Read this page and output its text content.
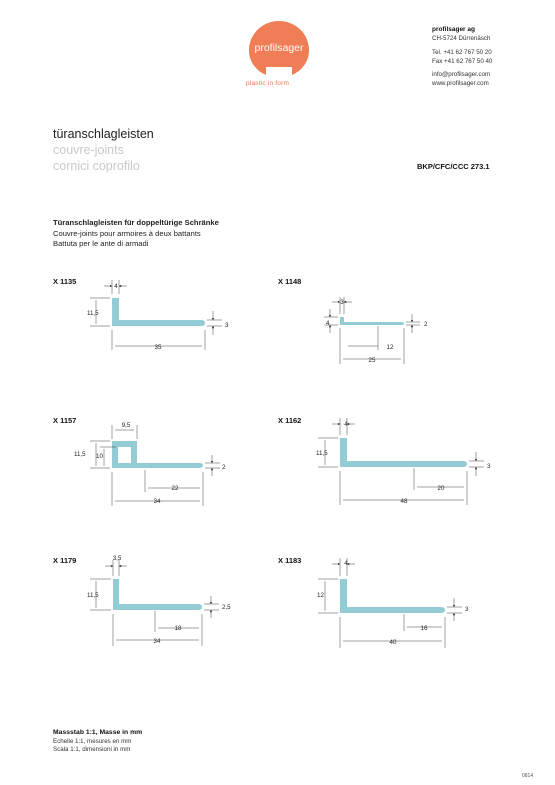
profilsager
plastic in form
profilsager ag
CH-5724 Dürrenäsch
Tel. +41 62 767 50 20
Fax +41 62 767 50 40
info@profilsager.com
www.profilsager.com
türanschlagleisten
couvre-joints
cornici coprofilo	BKP/CFC/CCC 273.1
Türanschlagleisten für doppeltürige Schränke
Couvre-joints pour armoires à deux battants
Battuta per le ante di armadi
X 1135	X 1148
X 1157	X 1162
X 1179	X 1183
4
11,5
35
3
3
4
12
25
2
9,5
11,5 10
22
34
2
4
11,5
20
48
3
3,5
11,5
18
34
2,5
4
12
16
40
3
Massstab 1:1, Masse in mm
Echelle 1:1, mesures en mm
Scala 1:1, dimensioni in mm
0814
